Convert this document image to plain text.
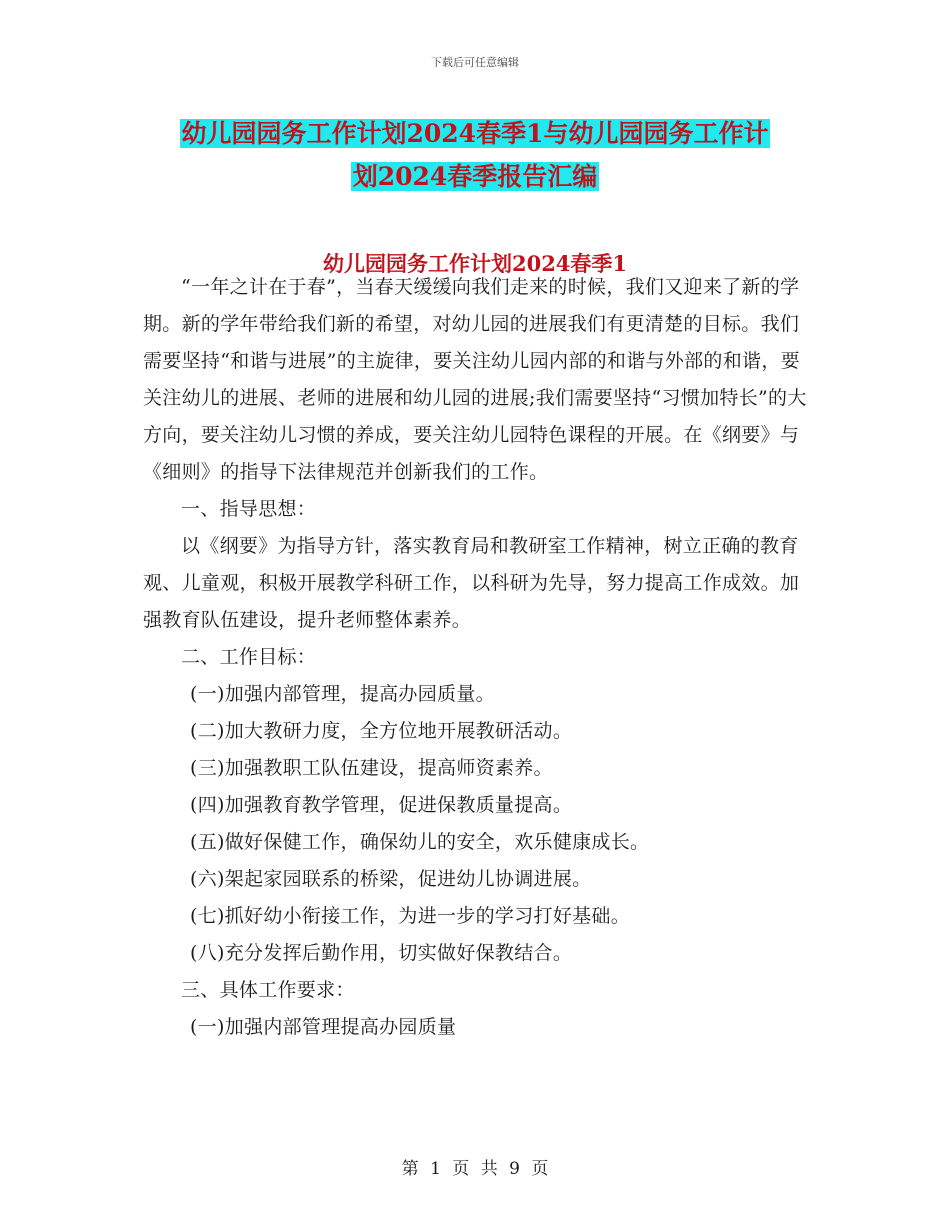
下载后可任意编辑
幼儿园园务工作计划2024春季1与幼儿园园务工作计
划2024春季报告汇编
幼儿园园务工作计划2024春季1

“一年之计在于春”，当春天缓缓向我们走来的时候，我们又迎来了新的学期。新的学年带给我们新的希望，对幼儿园的进展我们有更清楚的目标。我们需要坚持“和谐与进展”的主旋律，要关注幼儿园内部的和谐与外部的和谐，要关注幼儿的进展、老师的进展和幼儿园的进展;我们需要坚持“习惯加特长”的大方向，要关注幼儿习惯的养成，要关注幼儿园特色课程的开展。在《纲要》与《细则》的指导下法律规范并创新我们的工作。

一、指导思想：

以《纲要》为指导方针，落实教育局和教研室工作精神，树立正确的教育观、儿童观，积极开展教学科研工作，以科研为先导，努力提高工作成效。加强教育队伍建设，提升老师整体素养。

二、工作目标：

(一)加强内部管理，提高办园质量。

(二)加大教研力度，全方位地开展教研活动。

(三)加强教职工队伍建设，提高师资素养。

(四)加强教育教学管理，促进保教质量提高。

(五)做好保健工作，确保幼儿的安全，欢乐健康成长。

(六)架起家园联系的桥梁，促进幼儿协调进展。

(七)抓好幼小衔接工作，为进一步的学习打好基础。

(八)充分发挥后勤作用，切实做好保教结合。

三、具体工作要求：

(一)加强内部管理提高办园质量

第 1 页 共 9 页
